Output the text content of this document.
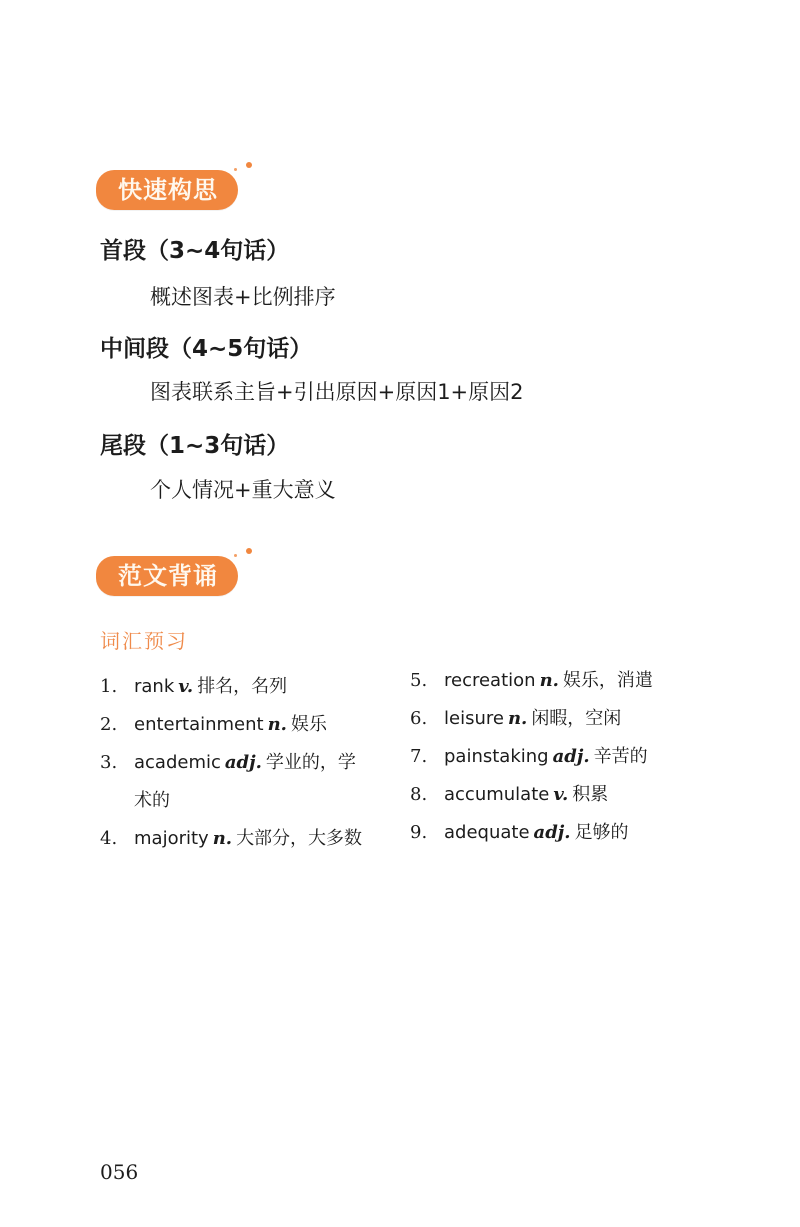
快速构思
首段（3~4句话）
概述图表+比例排序
中间段（4~5句话）
图表联系主旨+引出原因+原因1+原因2
尾段（1~3句话）
个人情况+重大意义
范文背诵
词汇预习
1. rank v. 排名，名列
2. entertainment n. 娱乐
3. academic adj. 学业的，学术的
4. majority n. 大部分，大多数
5. recreation n. 娱乐，消遣
6. leisure n. 闲暇，空闲
7. painstaking adj. 辛苦的
8. accumulate v. 积累
9. adequate adj. 足够的
056
